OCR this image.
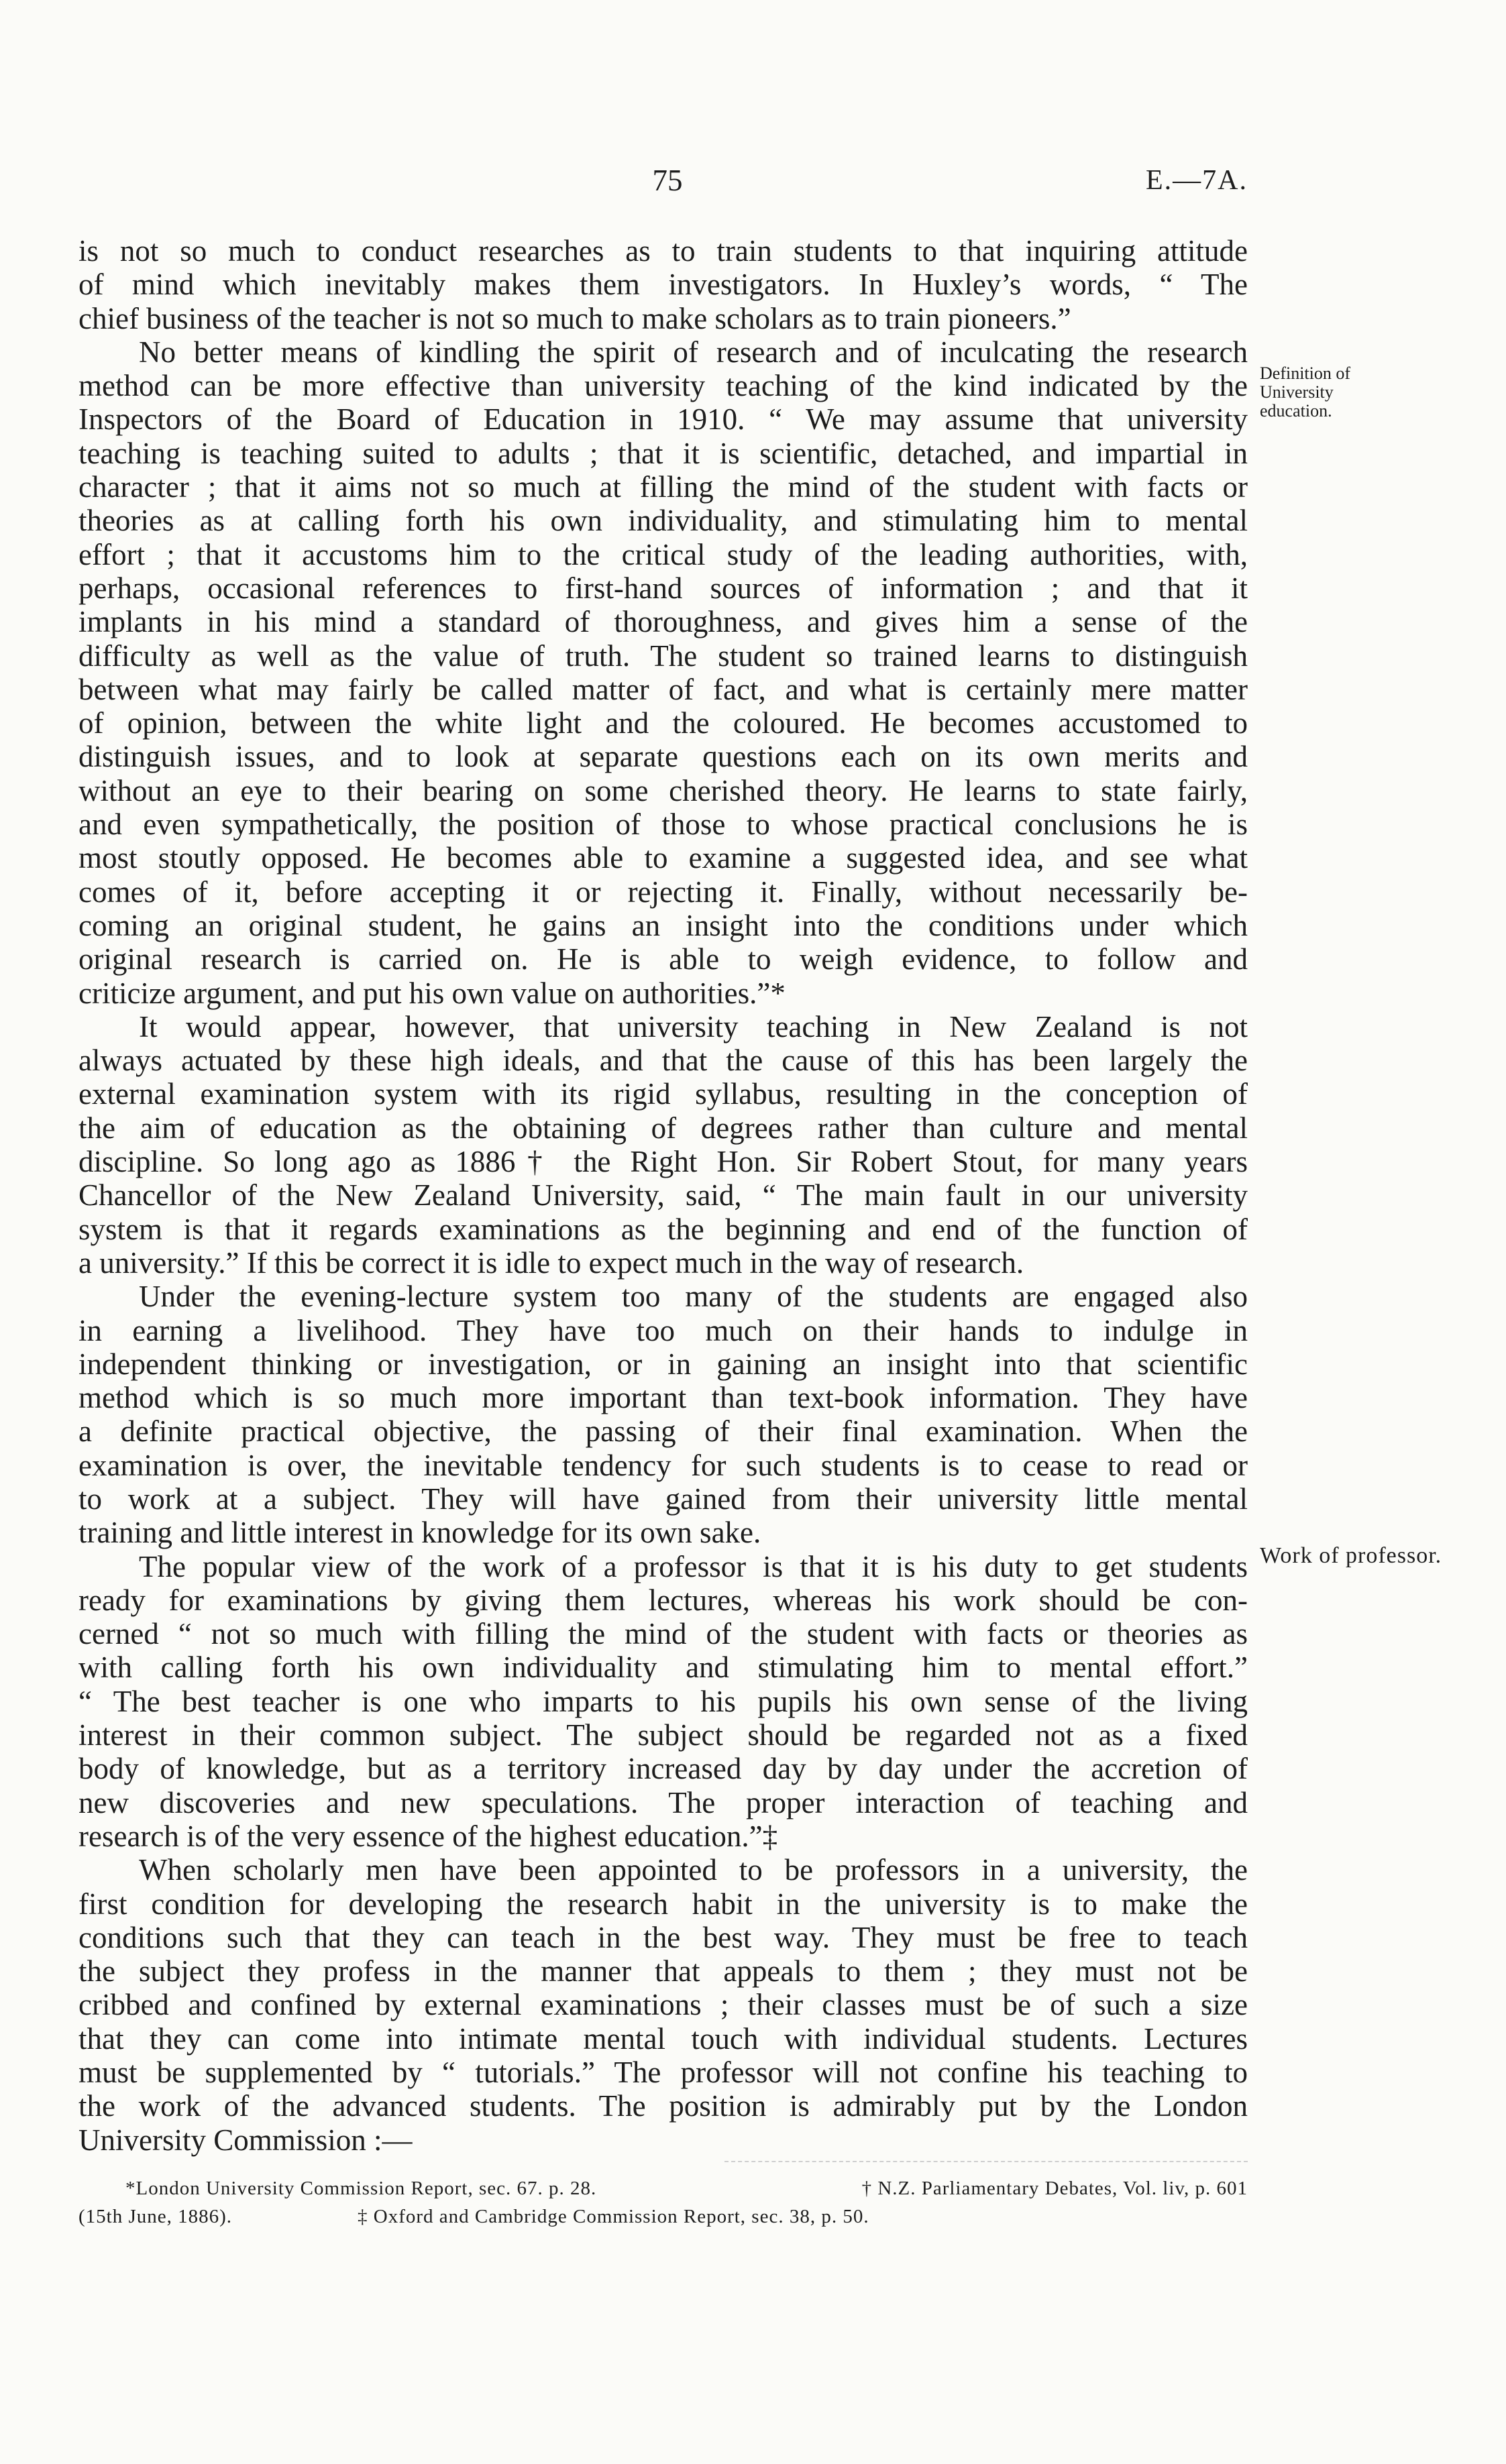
75	E.—7A.
is not so much to conduct researches as to train students to that inquiring attitude
of mind which inevitably makes them investigators. In Huxley’s words, “ The
chief business of the teacher is not so much to make scholars as to train pioneers.”
No better means of kindling the spirit of research and of inculcating the research
method can be more effective than university teaching of the kind indicated by the
Inspectors of the Board of Education in 1910. “ We may assume that university
teaching is teaching suited to adults ; that it is scientific, detached, and impartial in
character ; that it aims not so much at filling the mind of the student with facts or
theories as at calling forth his own individuality, and stimulating him to mental
effort ; that it accustoms him to the critical study of the leading authorities, with,
perhaps, occasional references to first-hand sources of information ; and that it
implants in his mind a standard of thoroughness, and gives him a sense of the
difficulty as well as the value of truth. The student so trained learns to distinguish
between what may fairly be called matter of fact, and what is certainly mere matter
of opinion, between the white light and the coloured. He becomes accustomed to
distinguish issues, and to look at separate questions each on its own merits and
without an eye to their bearing on some cherished theory. He learns to state fairly,
and even sympathetically, the position of those to whose practical conclusions he is
most stoutly opposed. He becomes able to examine a suggested idea, and see what
comes of it, before accepting it or rejecting it. Finally, without necessarily be-
coming an original student, he gains an insight into the conditions under which
original research is carried on. He is able to weigh evidence, to follow and
criticize argument, and put his own value on authorities.”*
It would appear, however, that university teaching in New Zealand is not
always actuated by these high ideals, and that the cause of this has been largely the
external examination system with its rigid syllabus, resulting in the conception of
the aim of education as the obtaining of degrees rather than culture and mental
discipline. So long ago as 1886† the Right Hon. Sir Robert Stout, for many years
Chancellor of the New Zealand University, said, “ The main fault in our university
system is that it regards examinations as the beginning and end of the function of
a university.” If this be correct it is idle to expect much in the way of research.
Under the evening-lecture system too many of the students are engaged also
in earning a livelihood. They have too much on their hands to indulge in
independent thinking or investigation, or in gaining an insight into that scientific
method which is so much more important than text-book information. They have
a definite practical objective, the passing of their final examination. When the
examination is over, the inevitable tendency for such students is to cease to read or
to work at a subject. They will have gained from their university little mental
training and little interest in knowledge for its own sake.
The popular view of the work of a professor is that it is his duty to get students
ready for examinations by giving them lectures, whereas his work should be con-
cerned “ not so much with filling the mind of the student with facts or theories as
with calling forth his own individuality and stimulating him to mental effort.”
“ The best teacher is one who imparts to his pupils his own sense of the living
interest in their common subject. The subject should be regarded not as a fixed
body of knowledge, but as a territory increased day by day under the accretion of
new discoveries and new speculations. The proper interaction of teaching and
research is of the very essence of the highest education.”‡
When scholarly men have been appointed to be professors in a university, the
first condition for developing the research habit in the university is to make the
conditions such that they can teach in the best way. They must be free to teach
the subject they profess in the manner that appeals to them ; they must not be
cribbed and confined by external examinations ; their classes must be of such a size
that they can come into intimate mental touch with individual students. Lectures
must be supplemented by “ tutorials.” The professor will not confine his teaching to
the work of the advanced students. The position is admirably put by the London
University Commission :—
Definition of
University
education.
Work of professor.
*London University Commission Report, sec. 67. p. 28.	† N.Z. Parliamentary Debates, Vol. liv, p. 601
(15th June, 1886).	‡ Oxford and Cambridge Commission Report, sec. 38, p. 50.
